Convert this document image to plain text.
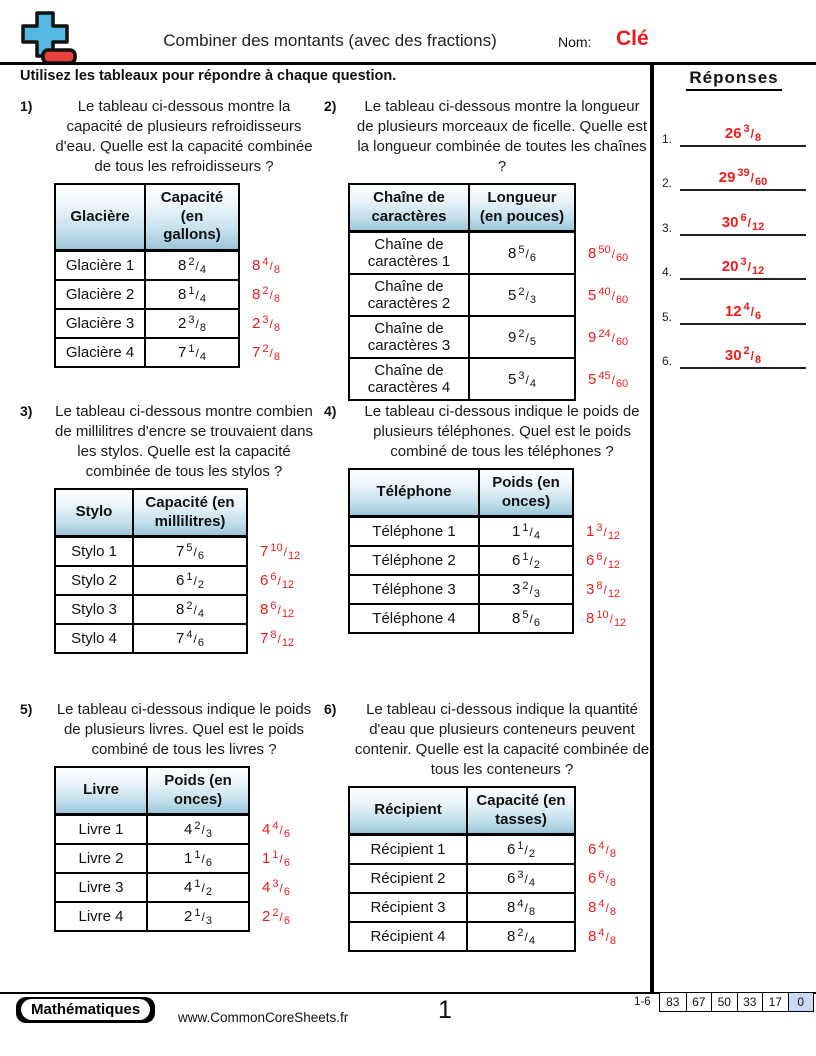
Combiner des montants (avec des fractions)	Nom: Clé
Utilisez les tableaux pour répondre à chaque question.	Réponses
1.	26 $^3/_8$
2.	29 $^{39}/_{60}$
3.	30 $^6/_{12}$
4.	20 $^3/_{12}$
5.	12 $^4/_6$
6.	30 $^2/_8$
1)	Le tableau ci-dessous montre la capacité de plusieurs refroidisseurs d'eau. Quelle est la capacité combinée de tous les refroidisseurs ?
Glacière	Capacité (en gallons)	
Glacière 1	8 $^2/_4$	8 $^4/_8$
Glacière 2	8 $^1/_4$	8 $^2/_8$
Glacière 3	2 $^3/_8$	2 $^3/_8$
Glacière 4	7 $^1/_4$	7 $^2/_8$
2)	Le tableau ci-dessous montre la longueur de plusieurs morceaux de ficelle. Quelle est la longueur combinée de toutes les chaînes ?
Chaîne de caractères	Longueur (en pouces)	
Chaîne de caractères 1	8 $^5/_6$	8 $^{50}/_{60}$
Chaîne de caractères 2	5 $^2/_3$	5 $^{40}/_{60}$
Chaîne de caractères 3	9 $^2/_5$	9 $^{24}/_{60}$
Chaîne de caractères 4	5 $^3/_4$	5 $^{45}/_{60}$
3)	Le tableau ci-dessous montre combien de millilitres d'encre se trouvaient dans les stylos. Quelle est la capacité combinée de tous les stylos ?
Stylo	Capacité (en millilitres)	
Stylo 1	7 $^5/_6$	7 $^{10}/_{12}$
Stylo 2	6 $^1/_2$	6 $^6/_{12}$
Stylo 3	8 $^2/_4$	8 $^6/_{12}$
Stylo 4	7 $^4/_6$	7 $^8/_{12}$
4)	Le tableau ci-dessous indique le poids de plusieurs téléphones. Quel est le poids combiné de tous les téléphones ?
Téléphone	Poids (en onces)	
Téléphone 1	1 $^1/_4$	1 $^3/_{12}$
Téléphone 2	6 $^1/_2$	6 $^6/_{12}$
Téléphone 3	3 $^2/_3$	3 $^8/_{12}$
Téléphone 4	8 $^5/_6$	8 $^{10}/_{12}$
5)	Le tableau ci-dessous indique le poids de plusieurs livres. Quel est le poids combiné de tous les livres ?
Livre	Poids (en onces)	
Livre 1	4 $^2/_3$	4 $^4/_6$
Livre 2	1 $^1/_6$	1 $^1/_6$
Livre 3	4 $^1/_2$	4 $^3/_6$
Livre 4	2 $^1/_3$	2 $^2/_6$
6)	Le tableau ci-dessous indique la quantité d'eau que plusieurs conteneurs peuvent contenir. Quelle est la capacité combinée de tous les conteneurs ?
Récipient	Capacité (en tasses)	
Récipient 1	6 $^1/_2$	6 $^4/_8$
Récipient 2	6 $^3/_4$	6 $^6/_8$
Récipient 3	8 $^4/_8$	8 $^4/_8$
Récipient 4	8 $^2/_4$	8 $^4/_8$
Mathématiques	www.CommonCoreSheets.fr	1	1-6	83	67	50	33	17	0
